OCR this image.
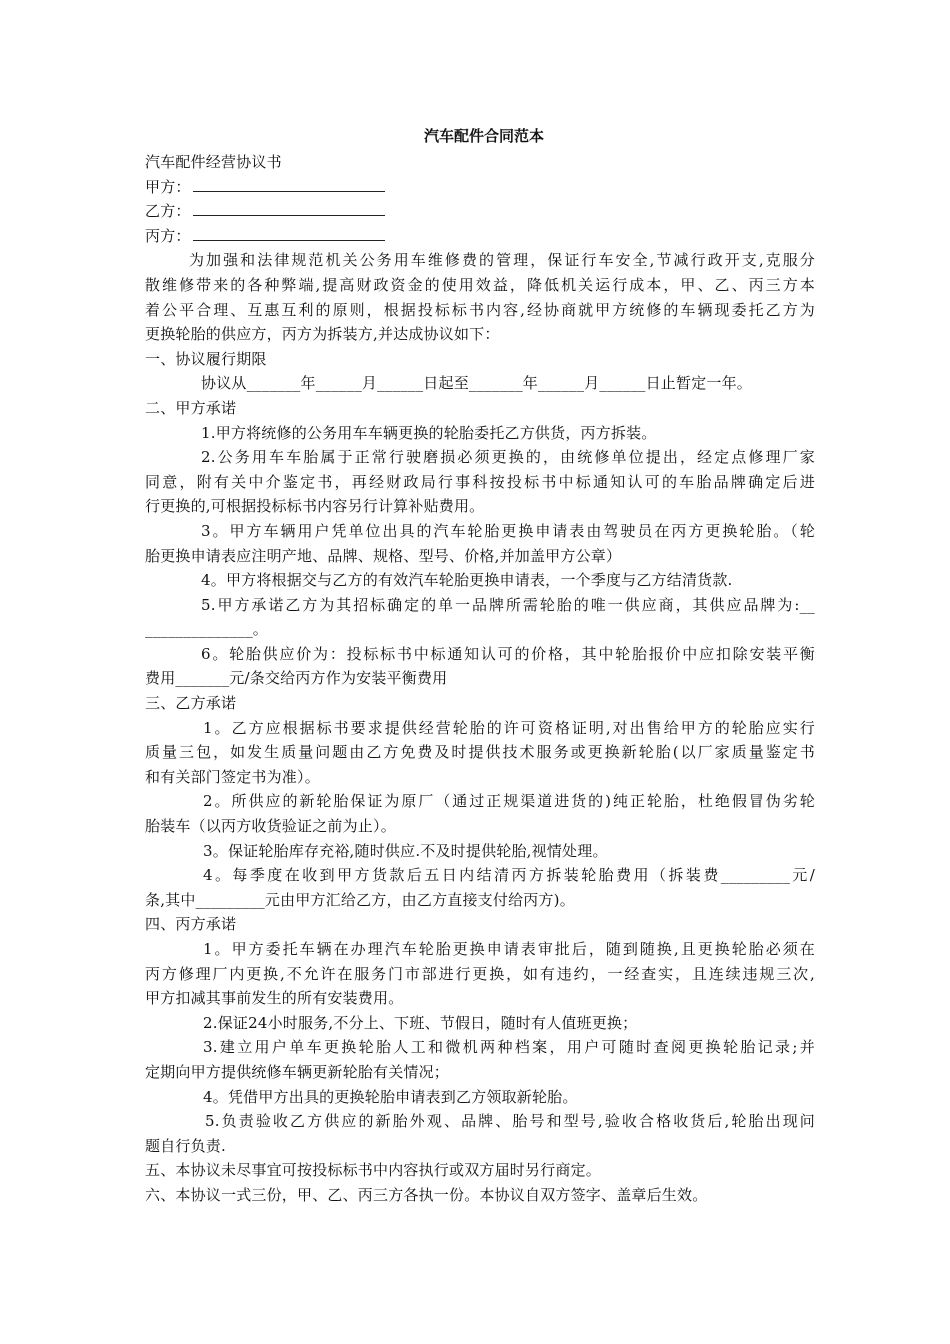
汽车配件合同范本
汽车配件经营协议书
甲方：
乙方：
丙方：
为加强和法律规范机关公务用车维修费的管理，保证行车安全,节减行政开支,克服分
散维修带来的各种弊端,提高财政资金的使用效益，降低机关运行成本，甲、乙、丙三方本
着公平合理、互惠互利的原则，根据投标标书内容,经协商就甲方统修的车辆现委托乙方为
更换轮胎的供应方，丙方为拆装方,并达成协议如下：
一、协议履行期限
协议从_______年______月______日起至_______年______月______日止暂定一年。
二、甲方承诺
1.甲方将统修的公务用车车辆更换的轮胎委托乙方供货，丙方拆装。
2.公务用车车胎属于正常行驶磨损必须更换的，由统修单位提出，经定点修理厂家
同意，附有关中介鉴定书，再经财政局行事科按投标书中标通知认可的车胎品牌确定后进
行更换的,可根据投标标书内容另行计算补贴费用。
3。甲方车辆用户凭单位出具的汽车轮胎更换申请表由驾驶员在丙方更换轮胎。（轮
胎更换申请表应注明产地、品牌、规格、型号、价格,并加盖甲方公章）
4。甲方将根据交与乙方的有效汽车轮胎更换申请表，一个季度与乙方结清货款.
5.甲方承诺乙方为其招标确定的单一品牌所需轮胎的唯一供应商，其供应品牌为:__
______________。
6。轮胎供应价为：投标标书中标通知认可的价格，其中轮胎报价中应扣除安装平衡
费用_______元/条交给丙方作为安装平衡费用
三、乙方承诺
1。乙方应根据标书要求提供经营轮胎的许可资格证明,对出售给甲方的轮胎应实行
质量三包，如发生质量问题由乙方免费及时提供技术服务或更换新轮胎(以厂家质量鉴定书
和有关部门签定书为准）。
2。所供应的新轮胎保证为原厂（通过正规渠道进货的)纯正轮胎，杜绝假冒伪劣轮
胎装车（以丙方收货验证之前为止）。
3。保证轮胎库存充裕,随时供应.不及时提供轮胎,视情处理。
4。每季度在收到甲方货款后五日内结清丙方拆装轮胎费用（拆装费_________元/
条,其中_________元由甲方汇给乙方，由乙方直接支付给丙方)。
四、丙方承诺
1。甲方委托车辆在办理汽车轮胎更换申请表审批后，随到随换,且更换轮胎必须在
丙方修理厂内更换,不允许在服务门市部进行更换，如有违约，一经查实，且连续违规三次,
甲方扣减其事前发生的所有安装费用。
2.保证24小时服务,不分上、下班、节假日，随时有人值班更换；
3.建立用户单车更换轮胎人工和微机两种档案，用户可随时查阅更换轮胎记录;并
定期向甲方提供统修车辆更新轮胎有关情况；
4。凭借甲方出具的更换轮胎申请表到乙方领取新轮胎。
5.负责验收乙方供应的新胎外观、品牌、胎号和型号,验收合格收货后,轮胎出现问
题自行负责.
五、本协议未尽事宜可按投标标书中内容执行或双方届时另行商定。
六、本协议一式三份，甲、乙、丙三方各执一份。本协议自双方签字、盖章后生效。
